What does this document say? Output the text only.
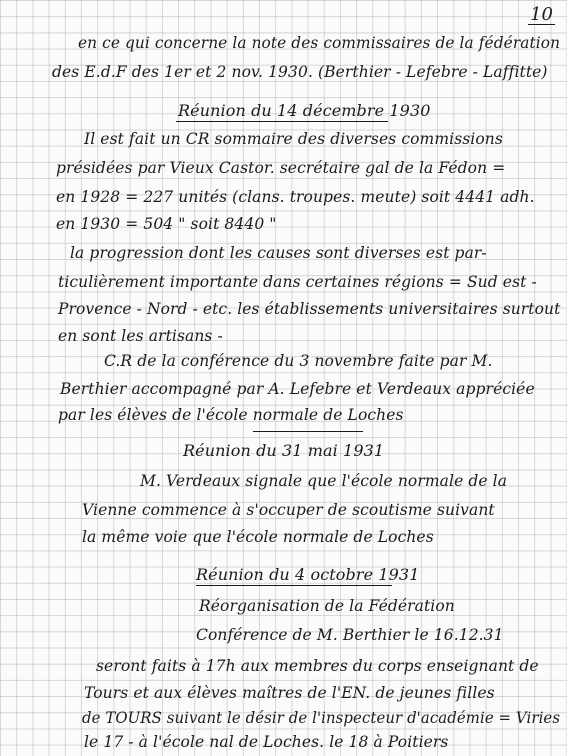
10
en ce qui concerne la note des commissaires de la fédération
des E.d.F des 1er et 2 nov. 1930. (Berthier - Lefebre - Laffitte)
Réunion du 14 décembre 1930
Il est fait un CR sommaire des diverses commissions
présidées par Vieux Castor. secrétaire gal de la Fédon =
en 1928 = 227 unités (clans. troupes. meute) soit 4441 adh.
en 1930 = 504 " soit 8440 "
la progression dont les causes sont diverses est par-
ticulièrement importante dans certaines régions = Sud est -
Provence - Nord - etc. les établissements universitaires surtout
en sont les artisans -
C.R de la conférence du 3 novembre faite par M.
Berthier accompagné par A. Lefebre et Verdeaux appréciée
par les élèves de l'école normale de Loches
Réunion du 31 mai 1931
M. Verdeaux signale que l'école normale de la
Vienne commence à s'occuper de scoutisme suivant
la même voie que l'école normale de Loches
Réunion du 4 octobre 1931
Réorganisation de la Fédération
Conférence de M. Berthier le 16.12.31
seront faits à 17h aux membres du corps enseignant de
Tours et aux élèves maîtres de l'EN. de jeunes filles
de TOURS suivant le désir de l'inspecteur d'académie = Viries
le 17 - à l'école nal de Loches. le 18 à Poitiers
